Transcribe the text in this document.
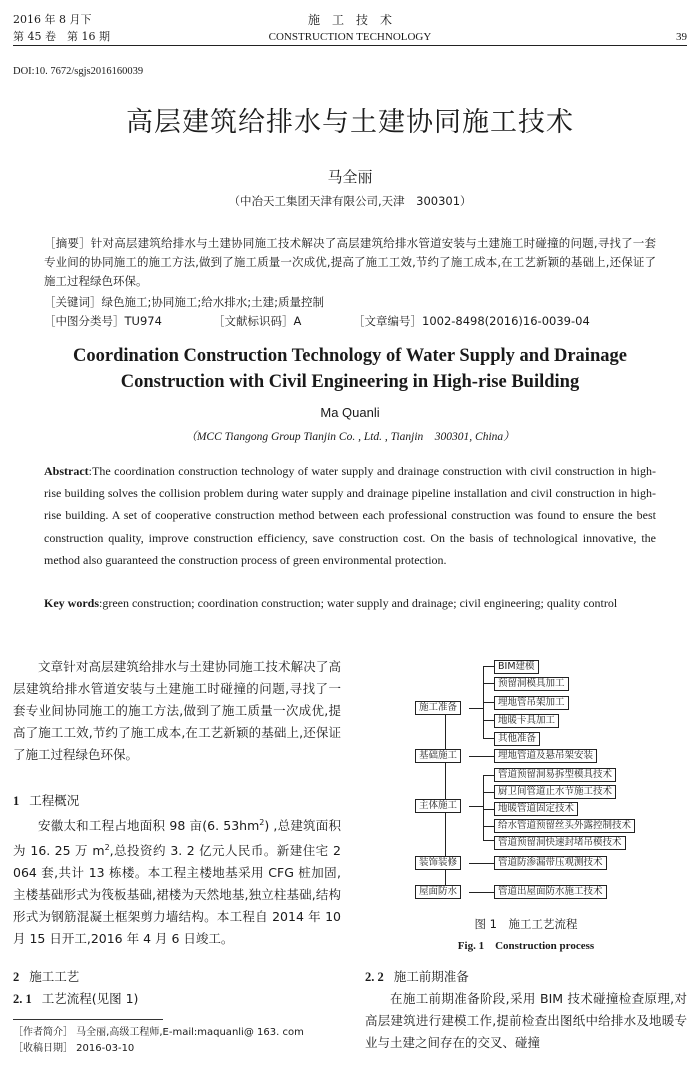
2016 年 8 月下
第 45 卷　第 16 期
施　工　技　术
CONSTRUCTION TECHNOLOGY	39
DOI:10. 7672/sgjs2016160039
高层建筑给排水与土建协同施工技术
马全丽
（中冶天工集团天津有限公司,天津　300301）
［摘要］针对高层建筑给排水与土建协同施工技术解决了高层建筑给排水管道安装与土建施工时碰撞的问题,寻找了一套专业间的协同施工的施工方法,做到了施工质量一次成优,提高了施工工效,节约了施工成本,在工艺新颖的基础上,还保证了施工过程绿色环保。
［关键词］绿色施工;协同施工;给水排水;土建;质量控制
［中图分类号］TU974	［文献标识码］A	［文章编号］1002-8498(2016)16-0039-04
Coordination Construction Technology of Water Supply and Drainage Construction with Civil Engineering in High-rise Building
Ma Quanli
（MCC Tiangong Group Tianjin Co. , Ltd. , Tianjin　300301, China）
Abstract:The coordination construction technology of water supply and drainage construction with civil construction in high-rise building solves the collision problem during water supply and drainage pipeline installation and civil construction in high-rise building. A set of cooperative construction method between each professional construction was found to ensure the best construction quality, improve construction efficiency, save construction cost. On the basis of technological innovative, the method also guaranteed the construction process of green environmental protection.
Key words:green construction; coordination construction; water supply and drainage; civil engineering; quality control
文章针对高层建筑给排水与土建协同施工技术解决了高层建筑给排水管道安装与土建施工时碰撞的问题,寻找了一套专业间协同施工的施工方法,做到了施工质量一次成优,提高了施工工效,节约了施工成本,在工艺新颖的基础上,还保证了施工过程绿色环保。
1 工程概况
安徽太和工程占地面积 98 亩(6. $53hm^2$) ,总建筑面积为 16. 25 万 $m^2$,总投资约 3. 2 亿元人民币。新建住宅 2 064 套,共计 13 栋楼。本工程主楼地基采用 CFG 桩加固,主楼基础形式为筏板基础,裙楼为天然地基,独立柱基础,结构形式为钢筋混凝土框架剪力墙结构。本工程自 2014 年 10 月 15 日开工,2016 年 4 月 6 日竣工。
2 施工工艺
2. 1 工艺流程(见图 1)
［作者简介］ 马全丽,高级工程师,E-mail:maquanli@ 163. com
［收稿日期］ 2016-03-10
施工准备
基础施工
主体施工
装饰装修
屋面防水
BIM建模
预留洞模具加工
埋地管吊架加工
地暖卡具加工
其他准备
埋地管道及悬吊架安装
管道预留洞易拆型模具技术
厨卫间管道止水节施工技术
地暖管道固定技术
给水管道预留丝头外露控制技术
管道预留洞快速封堵吊模技术
管道防渗漏带压观测技术
管道出屋面防水施工技术
图 1　 施工工艺流程
Fig. 1　 Construction process
2. 2 施工前期准备
在施工前期准备阶段,采用 BIM 技术碰撞检查原理,对高层建筑进行建模工作,提前检查出图纸中给排水及地暖专业与土建之间存在的交叉、碰撞
